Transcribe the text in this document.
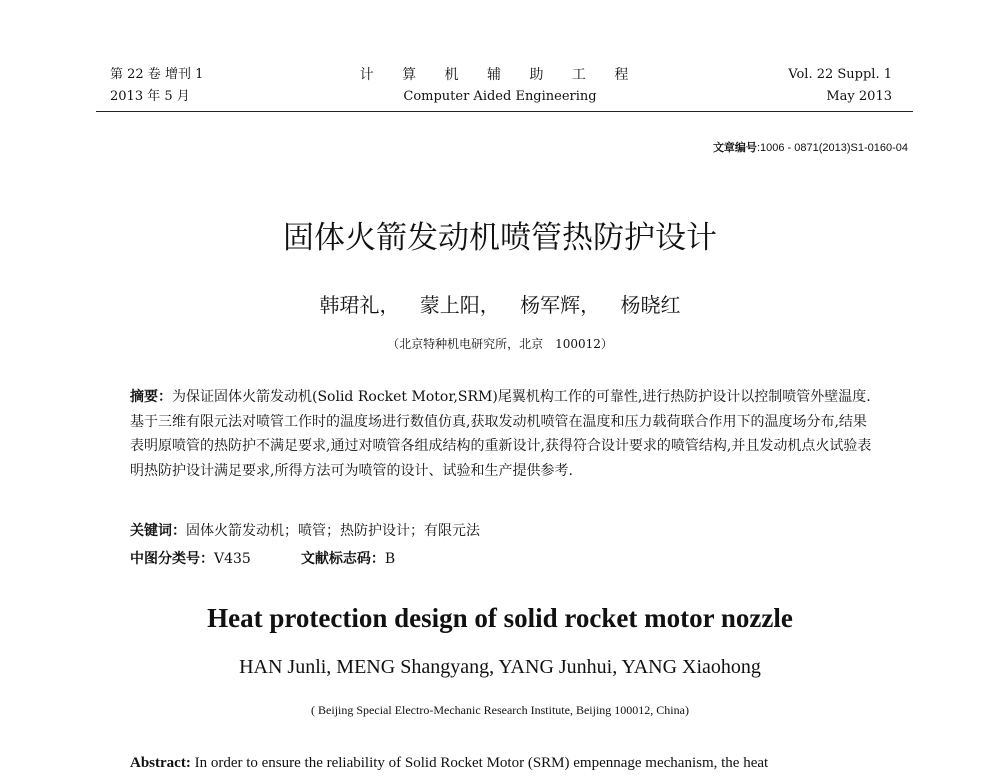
第 22 卷 增刊 1
2013 年 5 月
计 算 机 辅 助 工 程
Computer Aided Engineering
Vol. 22 Suppl. 1
May 2013
文章编号:1006 - 0871(2013)S1-0160-04
固体火箭发动机喷管热防护设计
韩珺礼， 蒙上阳， 杨军辉， 杨晓红
（北京特种机电研究所，北京　100012）
摘要：为保证固体火箭发动机(Solid Rocket Motor,SRM)尾翼机构工作的可靠性,进行热防护设计以控制喷管外壁温度.基于三维有限元法对喷管工作时的温度场进行数值仿真,获取发动机喷管在温度和压力载荷联合作用下的温度场分布,结果表明原喷管的热防护不满足要求,通过对喷管各组成结构的重新设计,获得符合设计要求的喷管结构,并且发动机点火试验表明热防护设计满足要求,所得方法可为喷管的设计、试验和生产提供参考.
关键词：固体火箭发动机；喷管；热防护设计；有限元法
中图分类号：V435	文献标志码：B
Heat protection design of solid rocket motor nozzle
HAN Junli, MENG Shangyang, YANG Junhui, YANG Xiaohong
( Beijing Special Electro-Mechanic Research Institute, Beijing 100012, China)
Abstract: In order to ensure the reliability of Solid Rocket Motor (SRM) empennage mechanism, the heat
